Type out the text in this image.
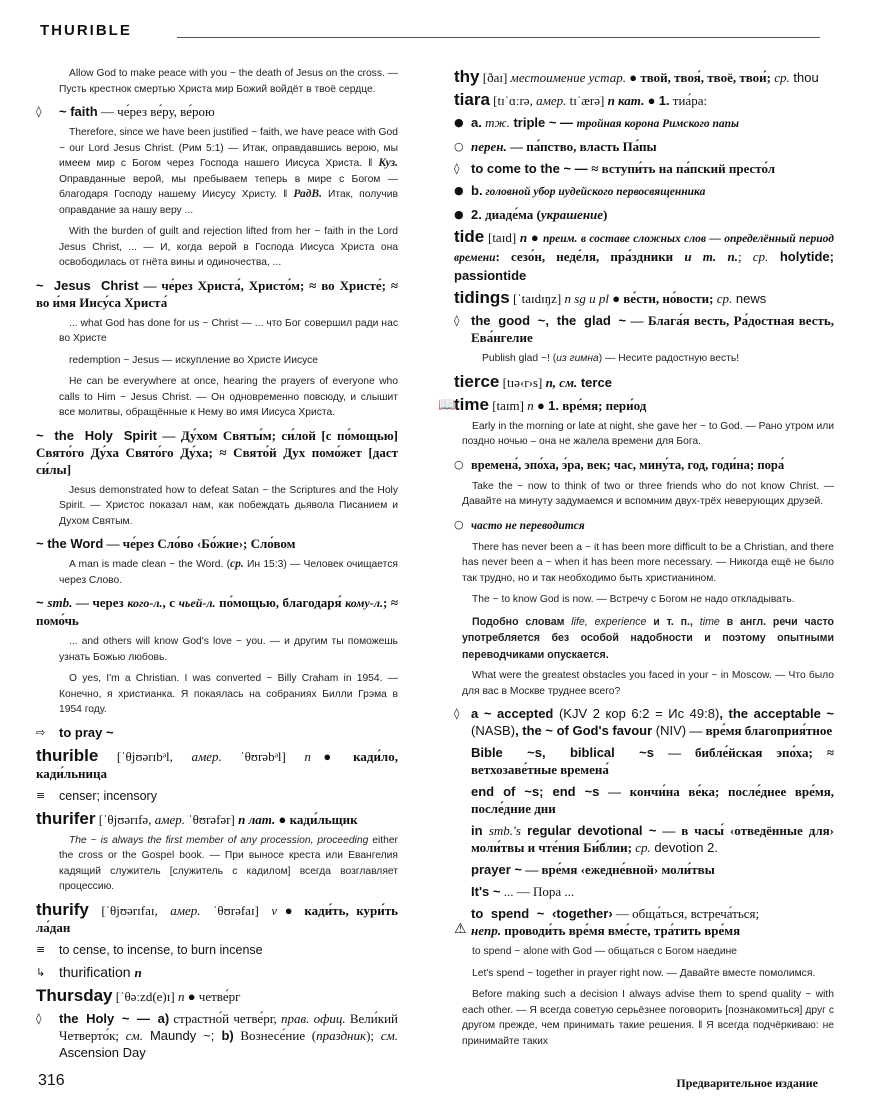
THURIBLE

Allow God to make peace with you ~ the death of Jesus on the cross. — Пусть крестнок смертью Христа мир Божий войдёт в твоё сердце.

◊	~ faith — че́рез ве́ру, ве́рою

Therefore, since we have been justified ~ faith, we have peace with God ~ our Lord Jesus Christ. (Рим 5:1) — Итак, оправдавшись верою, мы имеем мир с Богом через Господа нашего Иисуса Христа. ‖ Куз. Оправданные верой, мы пребываем теперь в мире с Богом — благодаря Господу нашему Иисусу Христу. ‖ РадВ. Итак, получив оправдание за нашу веру ...

With the burden of guilt and rejection lifted from her ~ faith in the Lord Jesus Christ, ... — И, когда верой в Господа Иисуса Христа она освободилась от гнёта вины и одиночества, ...

~ Jesus Christ — че́рез Христа́, Христо́м; ≈ во Христе́; ≈ во и́мя Иису́са Христа́

... what God has done for us ~ Christ — ... что Бог совершил ради нас во Христе

redemption ~ Jesus — искупление во Христе Иисусе

He can be everywhere at once, hearing the prayers of everyone who calls to Him ~ Jesus Christ. — Он одновременно повсюду, и слышит все молитвы, обращённые к Нему во имя Иисуса Христа.

~ the Holy Spirit — Ду́хом Святы́м; си́лой [с по́мощью] Свято́го Ду́ха Свято́го Ду́ха; ≈ Свято́й Дух помо́жет [даст си́лы]

Jesus demonstrated how to defeat Satan ~ the Scriptures and the Holy Spirit. — Христос показал нам, как побеждать дьявола Писанием и Духом Святым.

~ the Word — че́рез Сло́во ‹Бо́жие›; Сло́вом

A man is made clean ~ the Word. (ср. Ин 15:3) — Человек очищается через Слово.

~ smb. — через кого-л., с чьей-л. по́мощью, благодаря́ кому-л.; ≈ помо́чь

... and others will know God's love ~ you. — и другим ты поможешь узнать Божью любовь.

O yes, I'm a Christian. I was converted ~ Billy Craham in 1954. — Конечно, я христианка. Я покаялась на собраниях Билли Грэма в 1954 году.

⇨	to pray ~
thurible [ˈθjʊərɪbᵊl, амер. ˈθʊrəbᵊl] n ● кади́ло, кади́льница
≡	censer; incensory
thurifer [ˈθjʊərɪfə, амер. ˈθʊrəfər] n лат. ● кади́льщик

The ~ is always the first member of any procession, proceeding either the cross or the Gospel book. — При выносе креста или Евангелия кадящий служитель [служитель с кадилом] всегда возглавляет процессию.

thurify [ˈθjʊərɪfaɪ, амер. ˈθʊrəfaɪ] v ● кади́ть, кури́ть ла́дан
≡	to cense, to incense, to burn incense
↳ thurification n
Thursday [ˈθəːzd(e)ɪ] n ● четве́рг
◊	the Holy ~ — a) страстно́й четве́рг, прав. офиц. Вели́кий Четверто́к; см. Maundy ~; b) Вознесе́ние (праздник); см. Ascension Day
thy [ðaɪ] местоимение устар. ● твой, твоя́, твоё, твои́; ср. thou
tiara [tɪˈɑːrə, амер. tɪˈærə] n кат. ● 1. тиа́ра:
● a. тж. triple ~ — тройная корона Римского папы
○ перен. — па́пство, власть Па́пы
◊ to come to the ~ — ≈ вступи́ть на па́пский престо́л
● b. головной убор иудейского первосвященника
● 2. диаде́ма (украшение)
tide [taɪd] n ● преим. в составе сложных слов — определённый период времени: сезо́н, неде́ля, пра́здники и т. п.; ср. holytide; passiontide
tidings [ˈtaɪdɪŋz] n sg и pl ● ве́сти, но́вости; ср. news
◊ the good ~, the glad ~ — Блага́я весть, Ра́достная весть, Ева́нгелие

Publish glad ~! (из гимна) — Несите радостную весть!

tierce [tɪə‹r›s] n, см. terce
📖
time [taɪm] n ● 1. вре́мя; пери́од

Early in the morning or late at night, she gave her ~ to God. — Рано утром или поздно ночью – она не жалела времени для Бога.

○ времена́, эпо́ха, э́ра, век; час, мину́та, год, годи́на; пора́

Take the ~ now to think of two or three friends who do not know Christ. — Давайте на минуту задумаемся и вспомним двух-трёх неверующих друзей.

○ часто не переводится

There has never been a ~ it has been more difficult to be a Christian, and there has never been a ~ when it has been more necessary. — Никогда ещё не было так трудно, но и так необходимо быть христианином.

The ~ to know God is now. — Встречу с Богом не надо откладывать.

Подобно словам life, experience и т. п., time в англ. речи часто употребляется без особой надобности и поэтому опытными переводчиками опускается.

What were the greatest obstacles you faced in your ~ in Moscow. — Что было для вас в Москве труднее всего?

◊ a ~ accepted (KJV 2 кор 6:2 = Ис 49:8), the acceptable ~ (NASB), the ~ of God's favour (NIV) — вре́мя благоприя́тное
Bible ~s, biblical ~s — библе́йская эпо́ха; ≈ ветхозаве́тные времена́
end of ~s; end ~s — кончи́на ве́ка; после́днее вре́мя, после́дние дни
in smb.'s regular devotional ~ — в часы́ ‹отведённые для› моли́твы и чте́ния Би́блии; ср. devotion 2.
prayer ~ — вре́мя ‹ежедне́вной› моли́твы
It's ~ ... — Пора ...
to spend ~ ‹together› — обща́ться, встреча́ться;
⚠ непр. проводи́ть вре́мя вме́сте, тра́тить вре́мя

to spend ~ alone with God — общаться с Богом наедине

Let's spend ~ together in prayer right now. — Давайте вместе помолимся.

Before making such a decision I always advise them to spend quality ~ with each other. — Я всегда советую серьёзнее поговорить [познакомиться] друг с другом прежде, чем принимать такие решения. ‖ Я всегда подчёркиваю: не принимайте таких

316	Предварительное издание
